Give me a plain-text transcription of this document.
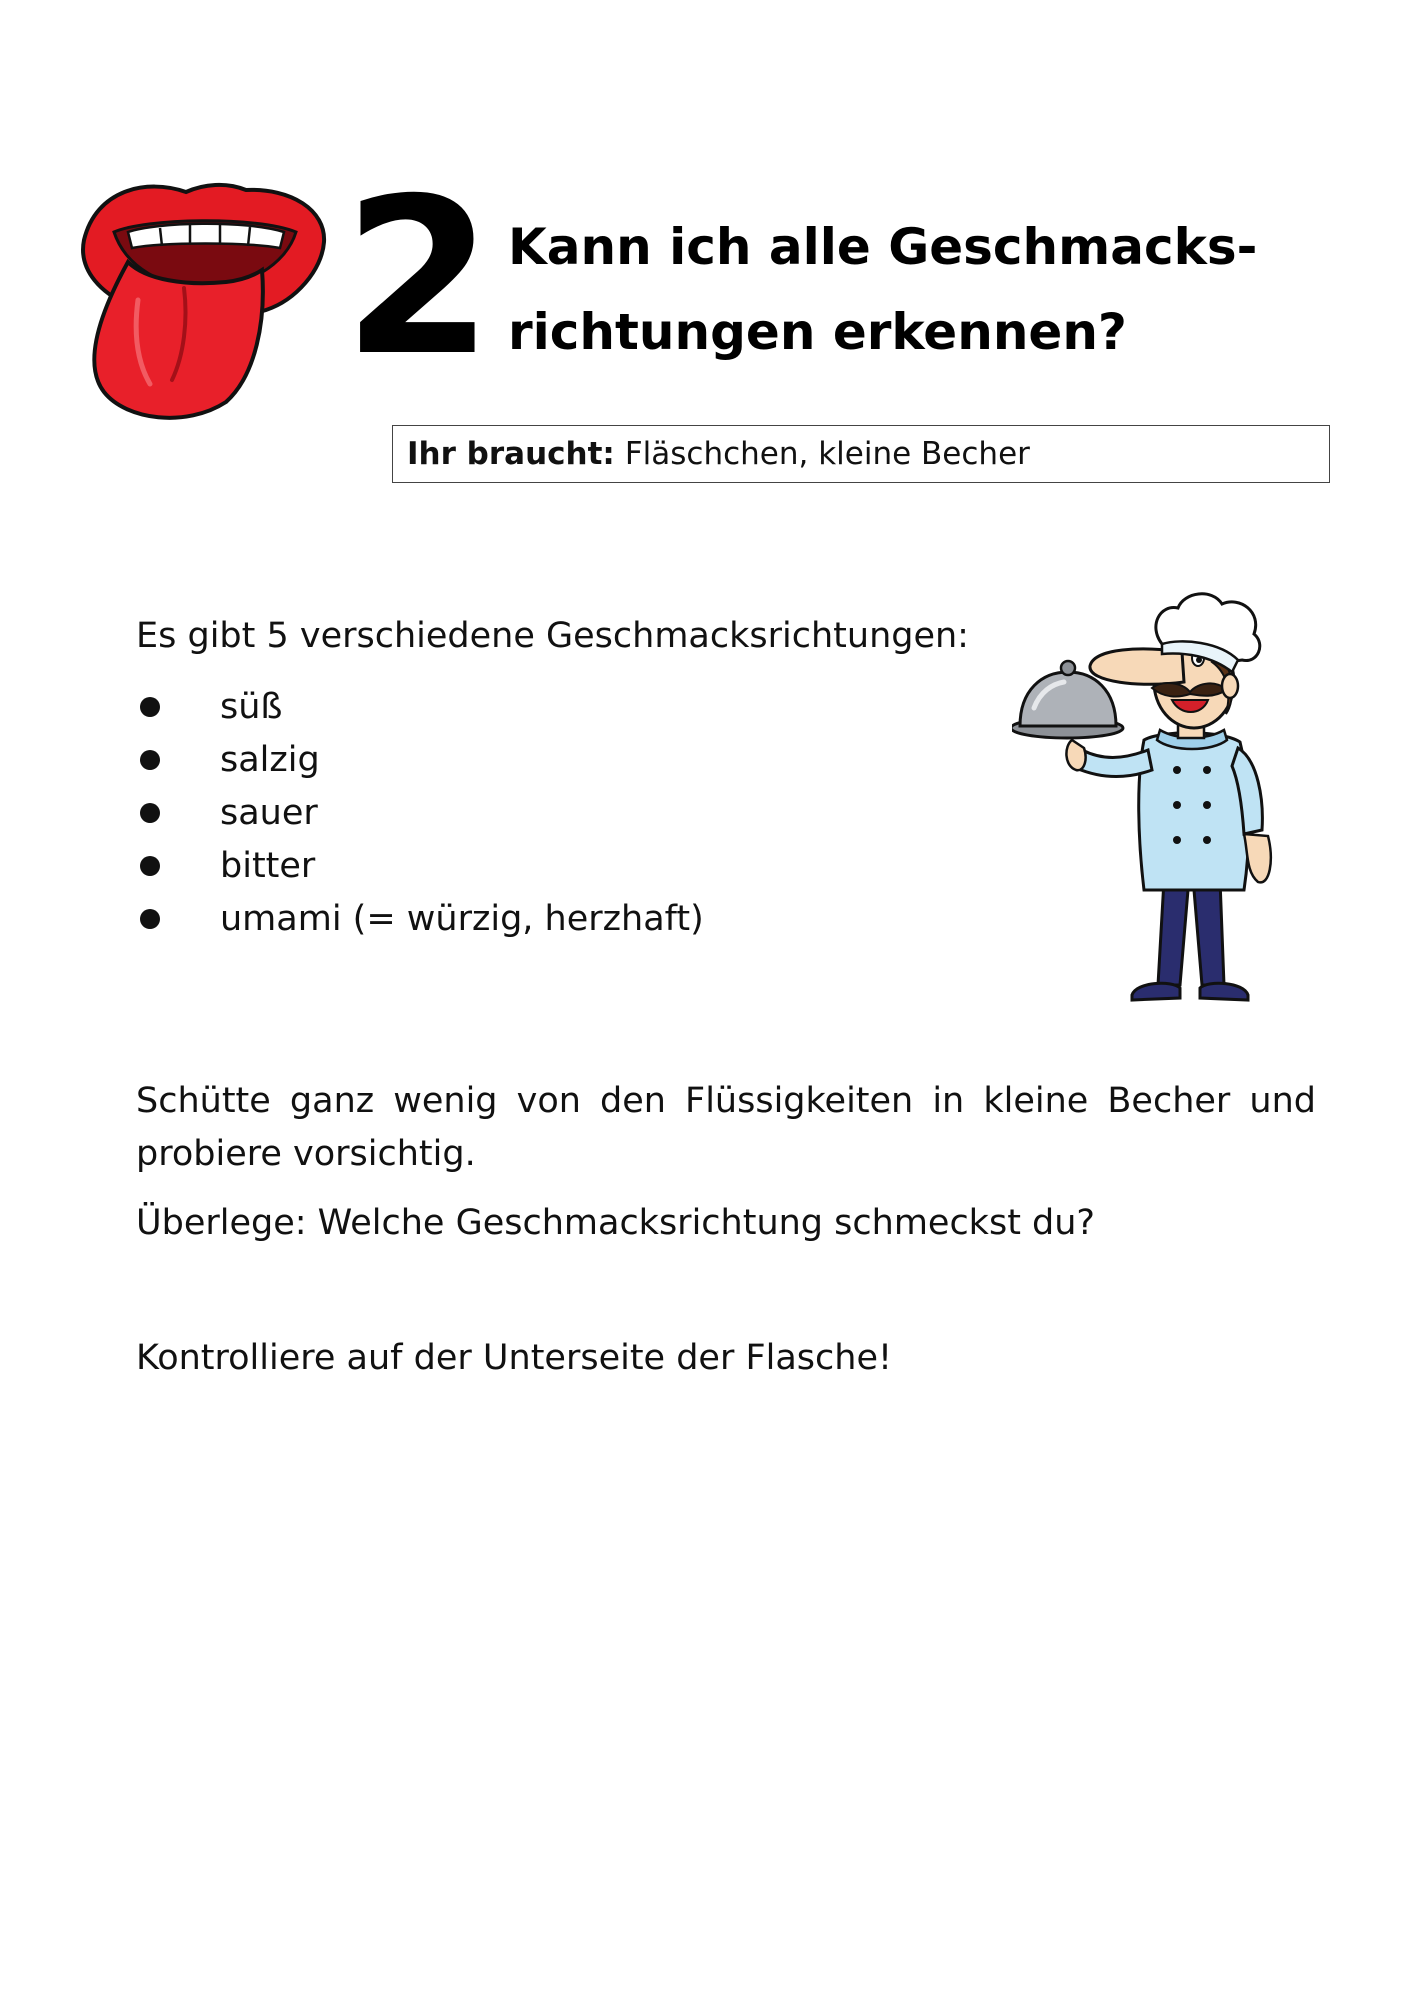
2 Kann ich alle Geschmacks-
richtungen erkennen?
Ihr braucht: Fläschchen, kleine Becher
Es gibt 5 verschiedene Geschmacksrichtungen:
süß
salzig
sauer
bitter
umami (= würzig, herzhaft)
Schütte ganz wenig von den Flüssigkeiten in kleine Becher und probiere vorsichtig.
Überlege: Welche Geschmacksrichtung schmeckst du?
Kontrolliere auf der Unterseite der Flasche!
